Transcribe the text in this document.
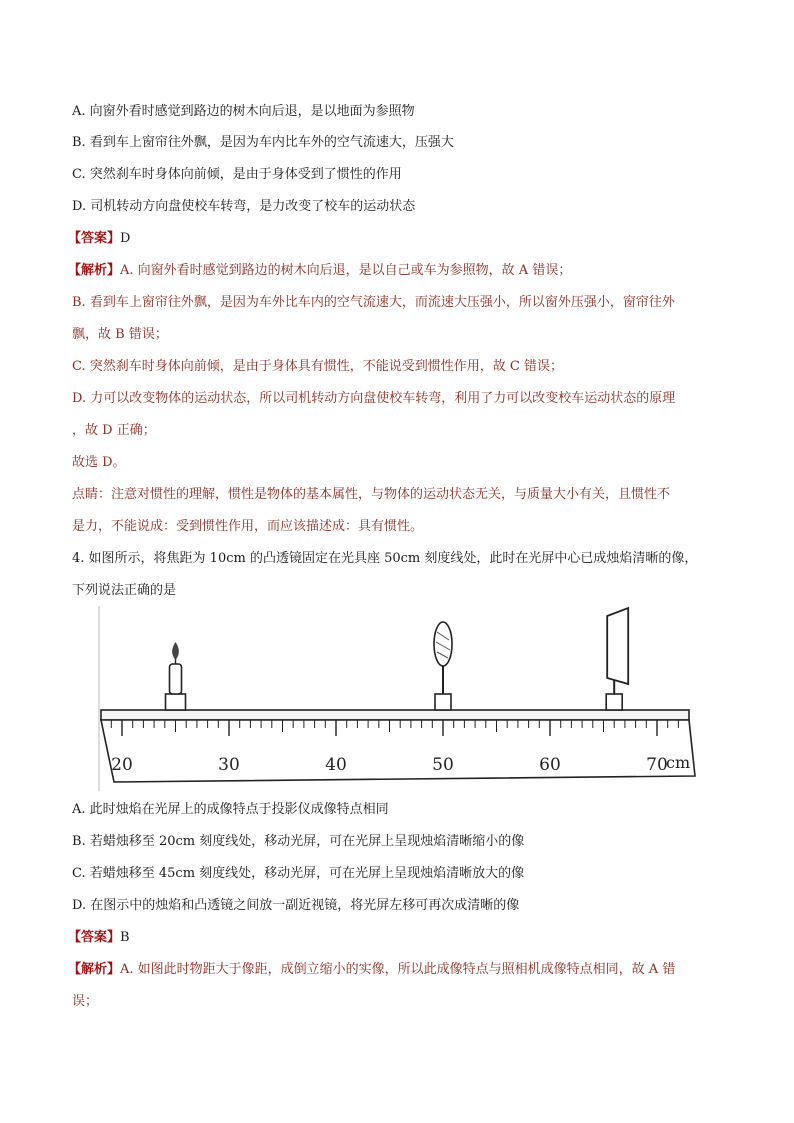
A. 向窗外看时感觉到路边的树木向后退，是以地面为参照物
B. 看到车上窗帘往外飘，是因为车内比车外的空气流速大，压强大
C. 突然刹车时身体向前倾，是由于身体受到了惯性的作用
D. 司机转动方向盘使校车转弯，是力改变了校车的运动状态
【答案】D
【解析】A. 向窗外看时感觉到路边的树木向后退，是以自己或车为参照物，故 A 错误；
B. 看到车上窗帘往外飘，是因为车外比车内的空气流速大，而流速大压强小，所以窗外压强小，窗帘往外
飘，故 B 错误；
C. 突然刹车时身体向前倾，是由于身体具有惯性，不能说受到惯性作用，故 C 错误；
D. 力可以改变物体的运动状态，所以司机转动方向盘使校车转弯，利用了力可以改变校车运动状态的原理
，故 D 正确；
故选 D。
点睛：注意对惯性的理解，惯性是物体的基本属性，与物体的运动状态无关，与质量大小有关，且惯性不
是力，不能说成：受到惯性作用，而应该描述成：具有惯性。
4. 如图所示，将焦距为 10cm 的凸透镜固定在光具座 50cm 刻度线处，此时在光屏中心已成烛焰清晰的像，
下列说法正确的是
20	30	40	50	60	70
cm
A. 此时烛焰在光屏上的成像特点于投影仪成像特点相同
B. 若蜡烛移至 20cm 刻度线处，移动光屏，可在光屏上呈现烛焰清晰缩小的像
C. 若蜡烛移至 45cm 刻度线处，移动光屏，可在光屏上呈现烛焰清晰放大的像
D. 在图示中的烛焰和凸透镜之间放一副近视镜，将光屏左移可再次成清晰的像
【答案】B
【解析】A. 如图此时物距大于像距，成倒立缩小的实像，所以此成像特点与照相机成像特点相同，故 A 错
误；
